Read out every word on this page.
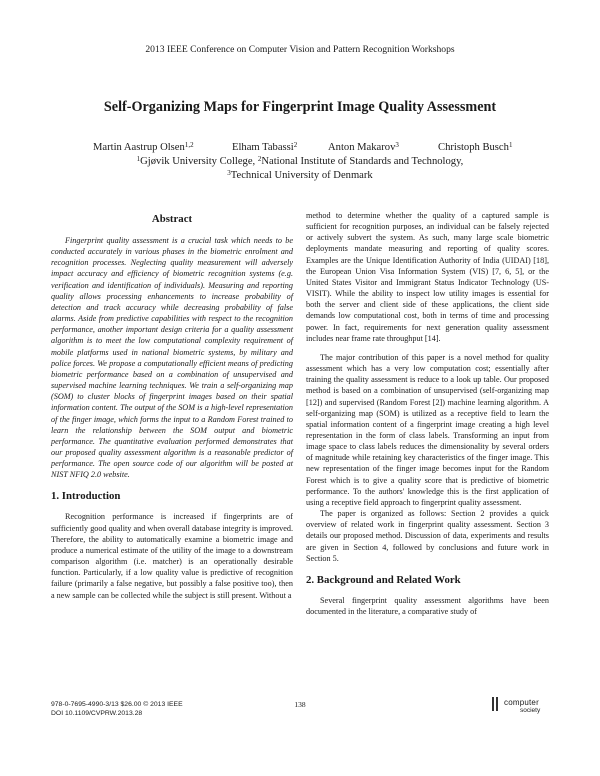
2013 IEEE Conference on Computer Vision and Pattern Recognition Workshops
Self-Organizing Maps for Fingerprint Image Quality Assessment
Martin Aastrup Olsen$^{1,2}$	Elham Tabassi$^2$	Anton Makarov$^3$	Christoph Busch$^1$
$^1$Gjøvik University College, $^2$National Institute of Standards and Technology,
$^3$Technical University of Denmark
Abstract

Fingerprint quality assessment is a crucial task which needs to be conducted accurately in various phases in the biometric enrolment and recognition processes. Neglecting quality measurement will adversely impact accuracy and efficiency of biometric recognition systems (e.g. verification and identification of individuals). Measuring and reporting quality allows processing enhancements to increase probability of detection and track accuracy while decreasing probability of false alarms. Aside from predictive capabilities with respect to the recognition performance, another important design criteria for a quality assessment algorithm is to meet the low computational complexity requirement of mobile platforms used in national biometric systems, by military and police forces. We propose a computationally efficient means of predicting biometric performance based on a combination of unsupervised and supervised machine learning techniques. We train a self-organizing map (SOM) to cluster blocks of fingerprint images based on their spatial information content. The output of the SOM is a high-level representation of the finger image, which forms the input to a Random Forest trained to learn the relationship between the SOM output and biometric performance. The quantitative evaluation performed demonstrates that our proposed quality assessment algorithm is a reasonable predictor of performance. The open source code of our algorithm will be posted at NIST NFIQ 2.0 website.

1. Introduction

Recognition performance is increased if fingerprints are of sufficiently good quality and when overall database integrity is improved. Therefore, the ability to automatically examine a biometric image and produce a numerical estimate of the utility of the image to a downstream comparison algorithm (i.e. matcher) is an operationally desirable function. Particularly, if a low quality value is predictive of recognition failure (primarily a false negative, but possibly a false positive too), then a new sample can be collected while the subject is still present. Without a

method to determine whether the quality of a captured sample is sufficient for recognition purposes, an individual can be falsely rejected or actively subvert the system. As such, many large scale biometric deployments mandate measuring and reporting of quality scores. Examples are the Unique Identification Authority of India (UIDAI) [18], the European Union Visa Information System (VIS) [7, 6, 5], or the United States Visitor and Immigrant Status Indicator Technology (US-VISIT). While the ability to inspect low utility images is essential for both the server and client side of these applications, the client side demands low computational cost, both in terms of time and processing power. In fact, requirements for next generation quality assessment includes near frame rate throughput [14].

The major contribution of this paper is a novel method for quality assessment which has a very low computation cost; essentially after training the quality assessment is reduce to a look up table. Our proposed method is based on a combination of unsupervised (self-organizing map [12]) and supervised (Random Forest [2]) machine learning algorithm. A self-organizing map (SOM) is utilized as a receptive field to learn the spatial information content of a fingerprint image creating a high level representation in the form of class labels. Transforming an input from image space to class labels reduces the dimensionality by several orders of magnitude while retaining key characteristics of the finger image. This new representation of the finger image becomes input for the Random Forest which is to give a quality score that is predictive of biometric performance. To the authors' knowledge this is the first application of using a receptive field approach to fingerprint quality assessment.

The paper is organized as follows: Section 2 provides a quick overview of related work in fingerprint quality assessment. Section 3 details our proposed method. Discussion of data, experiments and results are given in Section 4, followed by conclusions and future work in Section 5.

2. Background and Related Work

Several fingerprint quality assessment algorithms have been documented in the literature, a comparative study of

978-0-7695-4990-3/13 $26.00 © 2013 IEEE
DOI 10.1109/CVPRW.2013.28
138	computer
society
